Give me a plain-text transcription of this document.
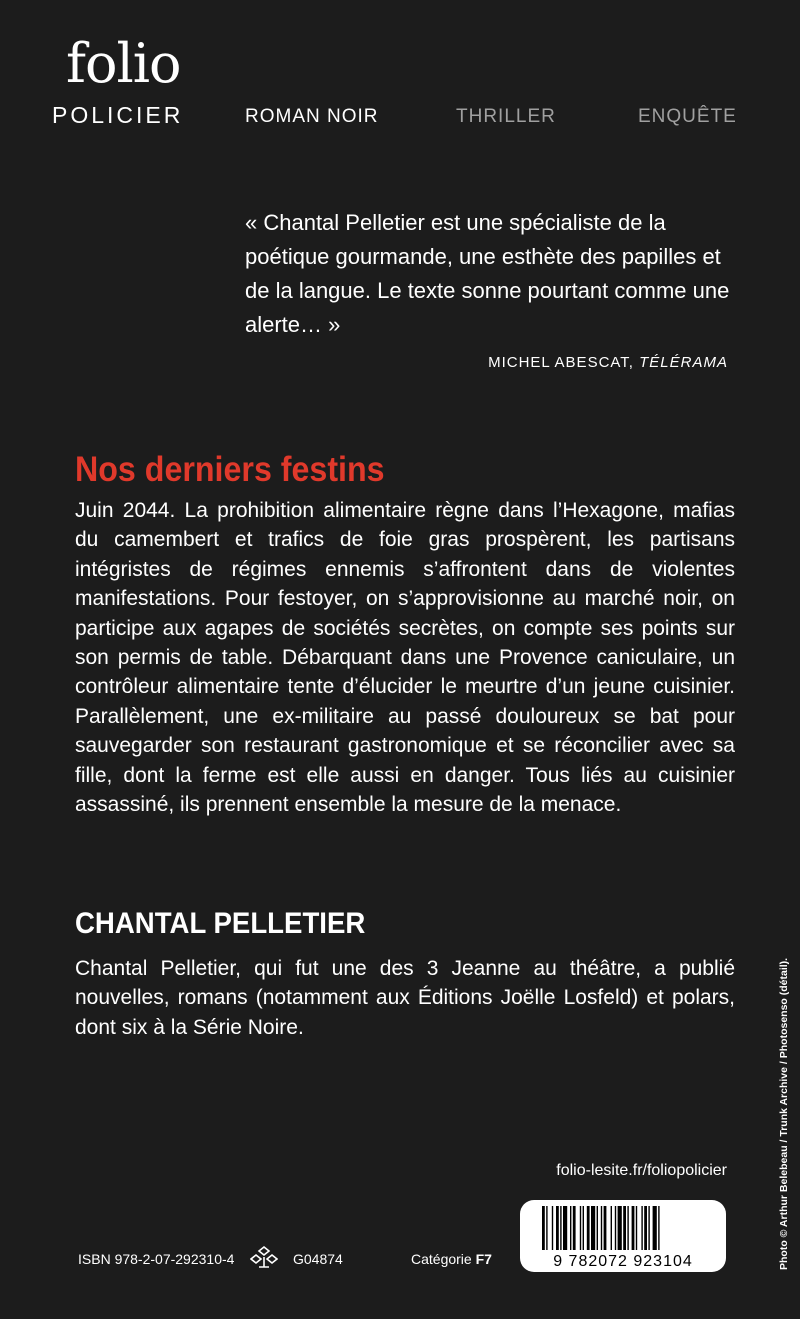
folio
POLICIER	ROMAN NOIR	THRILLER	ENQUÊTE
« Chantal Pelletier est une spécialiste de la poétique gourmande, une esthète des papilles et de la langue. Le texte sonne pourtant comme une alerte… »
MICHEL ABESCAT, TÉLÉRAMA
Nos derniers festins
Juin 2044. La prohibition alimentaire règne dans l’Hexagone, mafias du camembert et trafics de foie gras prospèrent, les partisans intégristes de régimes ennemis s’affrontent dans de violentes manifestations. Pour festoyer, on s’approvisionne au marché noir, on participe aux agapes de sociétés secrètes, on compte ses points sur son permis de table. Débarquant dans une Provence caniculaire, un contrôleur alimentaire tente d’élucider le meurtre d’un jeune cuisinier. Parallèlement, une ex-militaire au passé douloureux se bat pour sauvegarder son restaurant gastronomique et se réconcilier avec sa fille, dont la ferme est elle aussi en danger. Tous liés au cuisinier assassiné, ils prennent ensemble la mesure de la menace.
CHANTAL PELLETIER
Chantal Pelletier, qui fut une des 3 Jeanne au théâtre, a publié nouvelles, romans (notamment aux Éditions Joëlle Losfeld) et polars, dont six à la Série Noire.
folio-lesite.fr/foliopolicier
9 782072 923104
ISBN 978-2-07-292310-4	G04874	Catégorie F7	Photo © Arthur Belebeau / Trunk Archive / Photosenso (détail).
